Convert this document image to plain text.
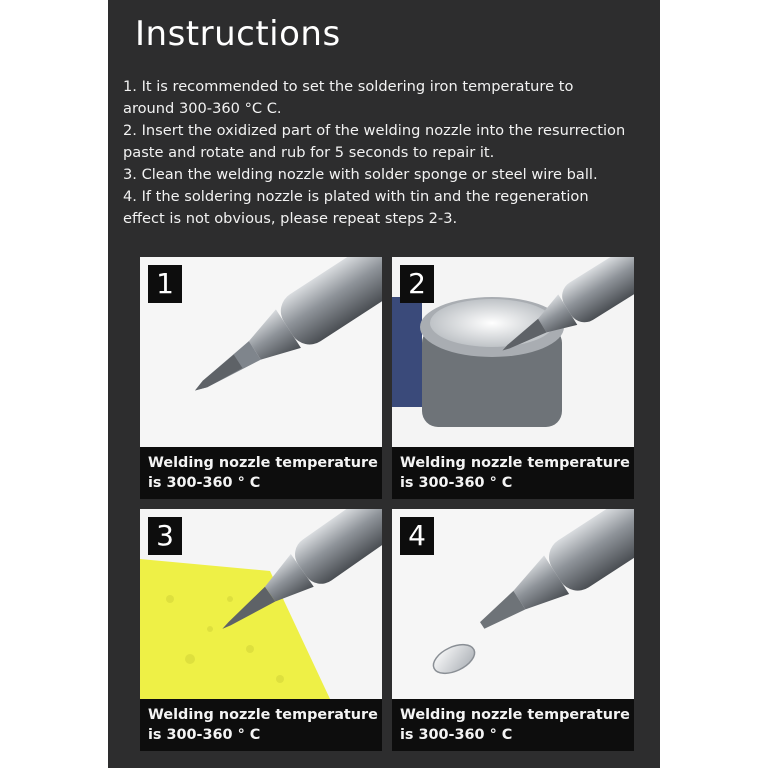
Instructions
1. It is recommended to set the soldering iron temperature to
around 300-360 °C C.
2. Insert the oxidized part of the welding nozzle into the resurrection
paste and rotate and rub for 5 seconds to repair it.
3. Clean the welding nozzle with solder sponge or steel wire ball.
4. If the soldering nozzle is plated with tin and the regeneration
effect is not obvious, please repeat steps 2-3.
1
Welding nozzle temperature
is 300-360 ° C
2
Welding nozzle temperature
is 300-360 ° C
3
Welding nozzle temperature
is 300-360 ° C
4
Welding nozzle temperature
is 300-360 ° C
